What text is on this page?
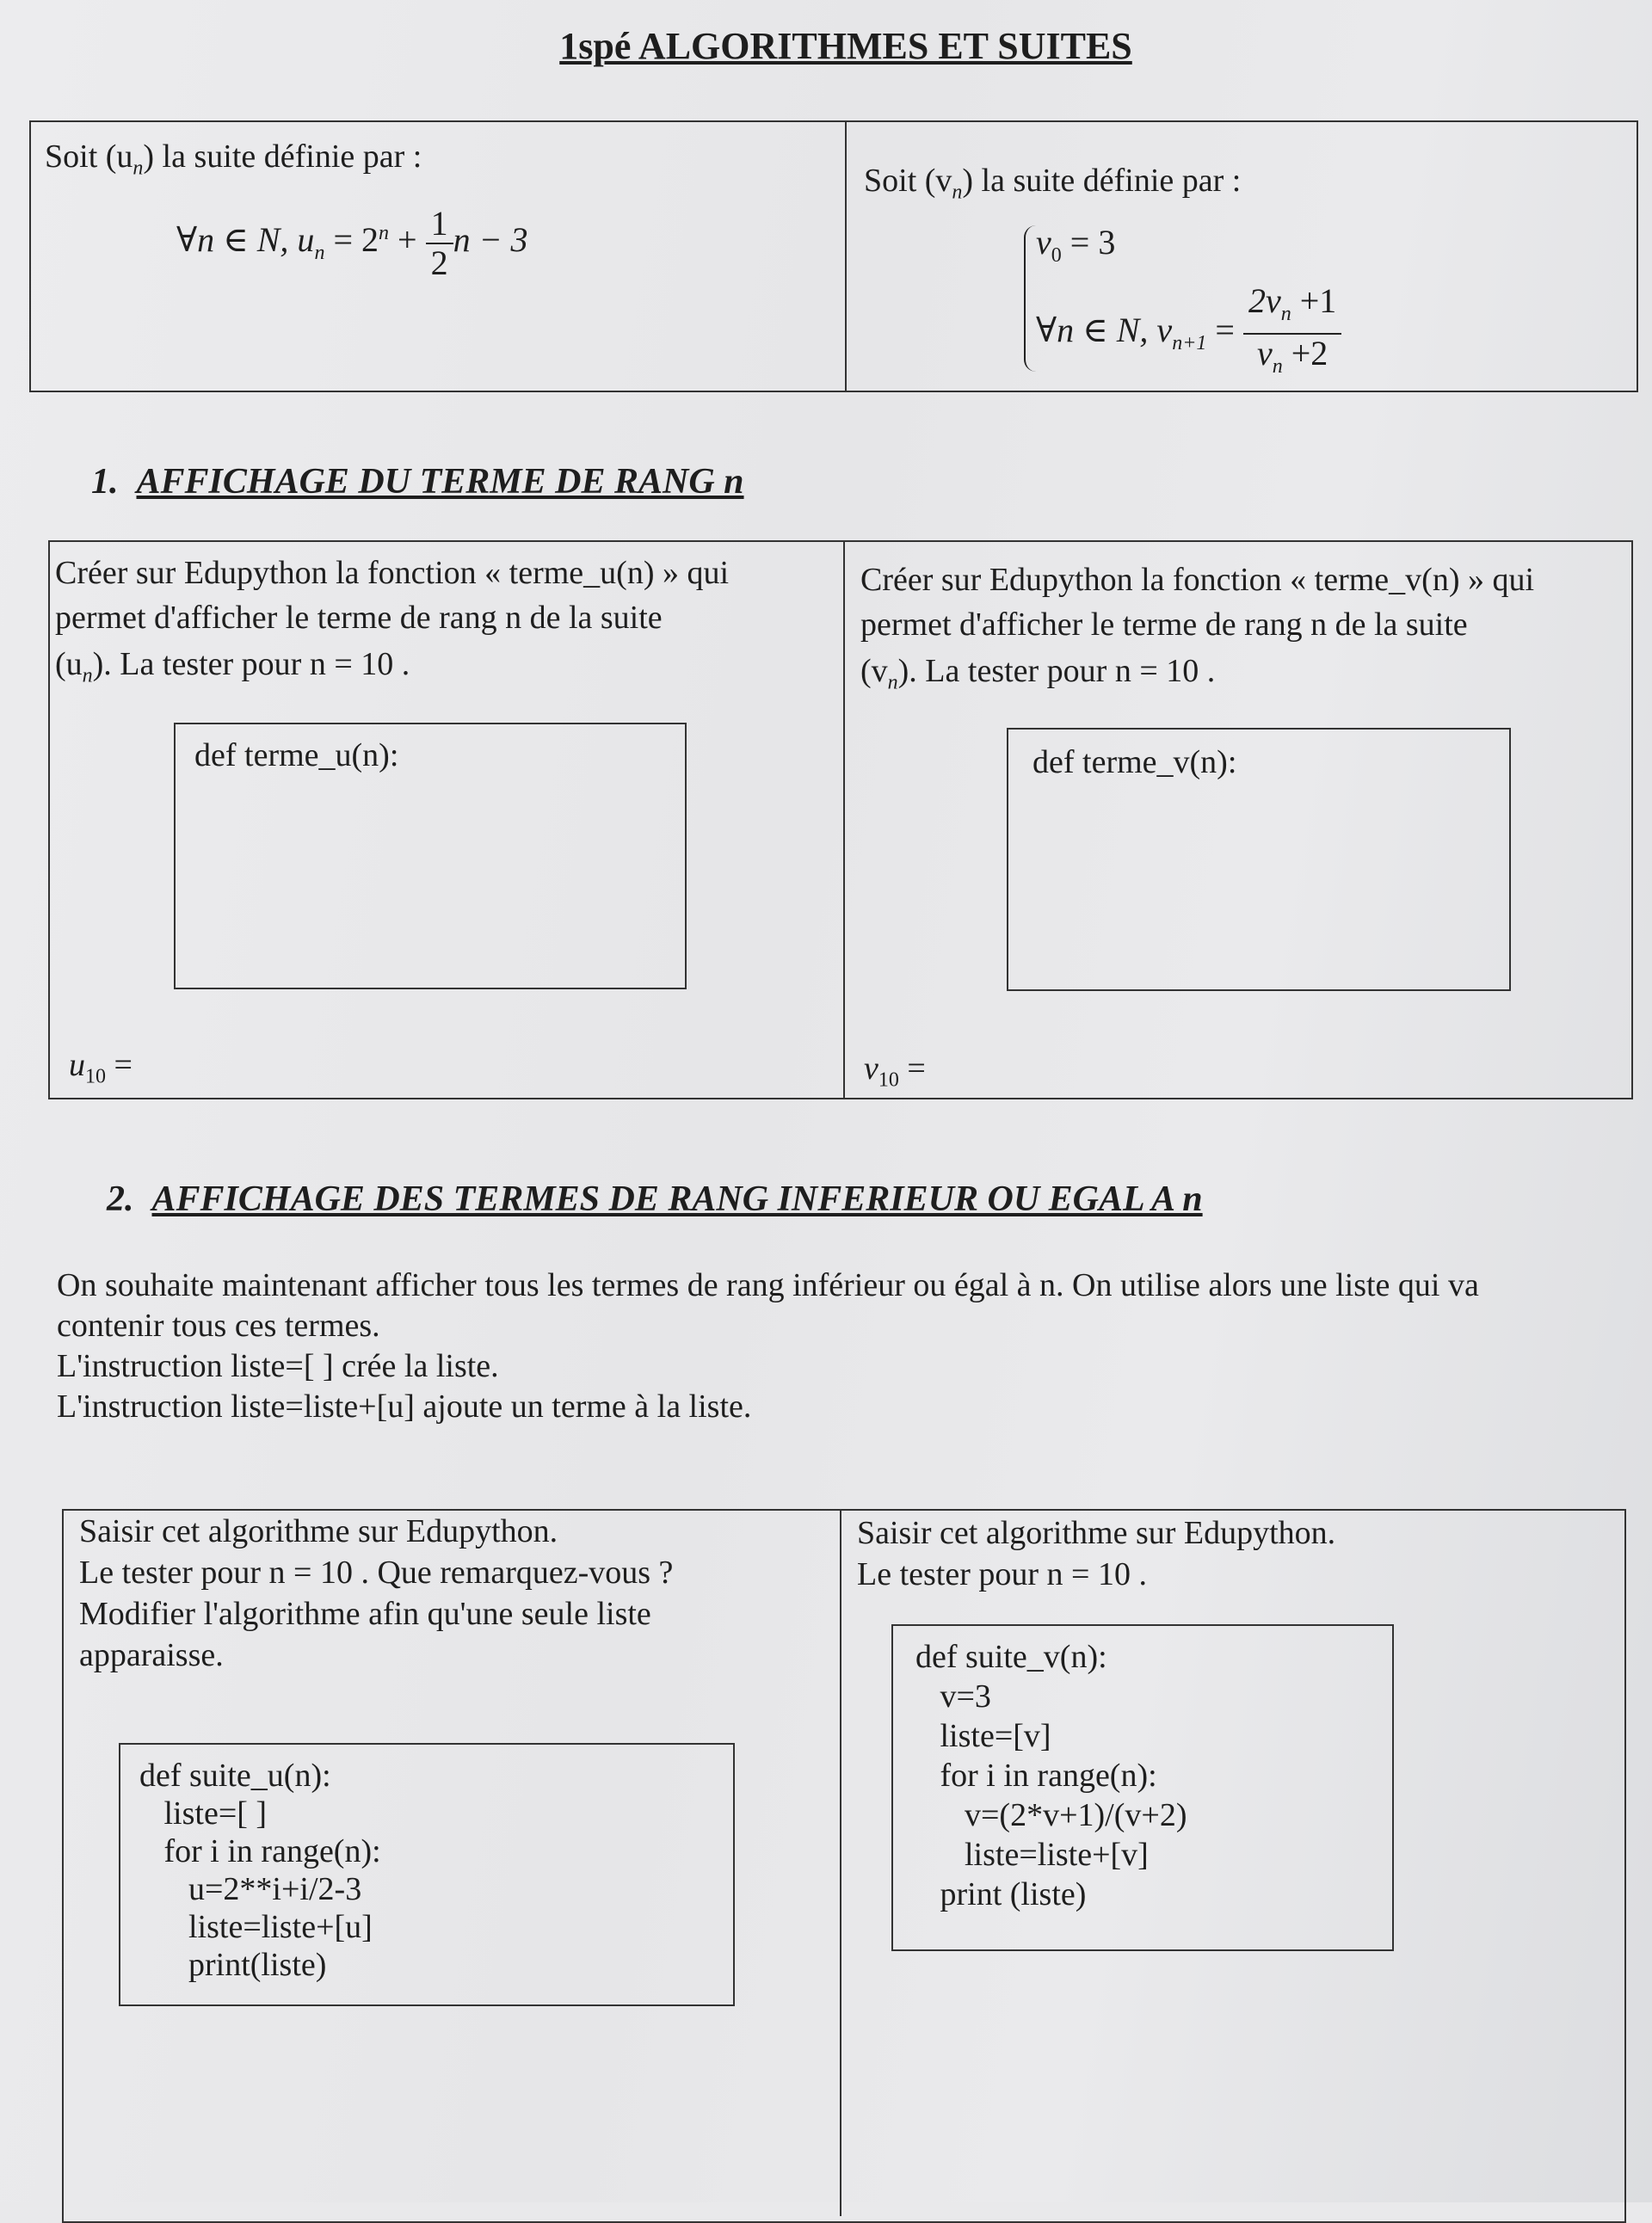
1spé ALGORITHMES ET SUITES
Soit $(u_n)$ la suite définie par :
∀n ∈ N, $u_n = 2^n + \frac{1}{2}$ n − 3
Soit $(v_n)$ la suite définie par :
$v_0 = 3$
∀n ∈ N, $v_{n+1} = \frac{2v_n +1}{v_n +2}$
1. AFFICHAGE DU TERME DE RANG n
Créer sur Edupython la fonction « terme_u(n) » qui
permet d'afficher le terme de rang n de la suite
$(u_n)$. La tester pour n = 10 .
def terme_u(n):
$u_{10}$ =
Créer sur Edupython la fonction « terme_v(n) » qui
permet d'afficher le terme de rang n de la suite
$(v_n)$. La tester pour n = 10 .
def terme_v(n):
$v_{10}$ =
2. AFFICHAGE DES TERMES DE RANG INFERIEUR OU EGAL A n
On souhaite maintenant afficher tous les termes de rang inférieur ou égal à n. On utilise alors une liste qui va
contenir tous ces termes.
L'instruction liste=[ ] crée la liste.
L'instruction liste=liste+[u] ajoute un terme à la liste.
Saisir cet algorithme sur Edupython.
Le tester pour n = 10 . Que remarquez-vous ?
Modifier l'algorithme afin qu'une seule liste
apparaisse.
def suite_u(n):
liste=[ ]
for i in range(n):
u=2**i+i/2-3
liste=liste+[u]
print(liste)
Saisir cet algorithme sur Edupython.
Le tester pour n = 10 .
def suite_v(n):
v=3
liste=[v]
for i in range(n):
v=(2*v+1)/(v+2)
liste=liste+[v]
print (liste)
